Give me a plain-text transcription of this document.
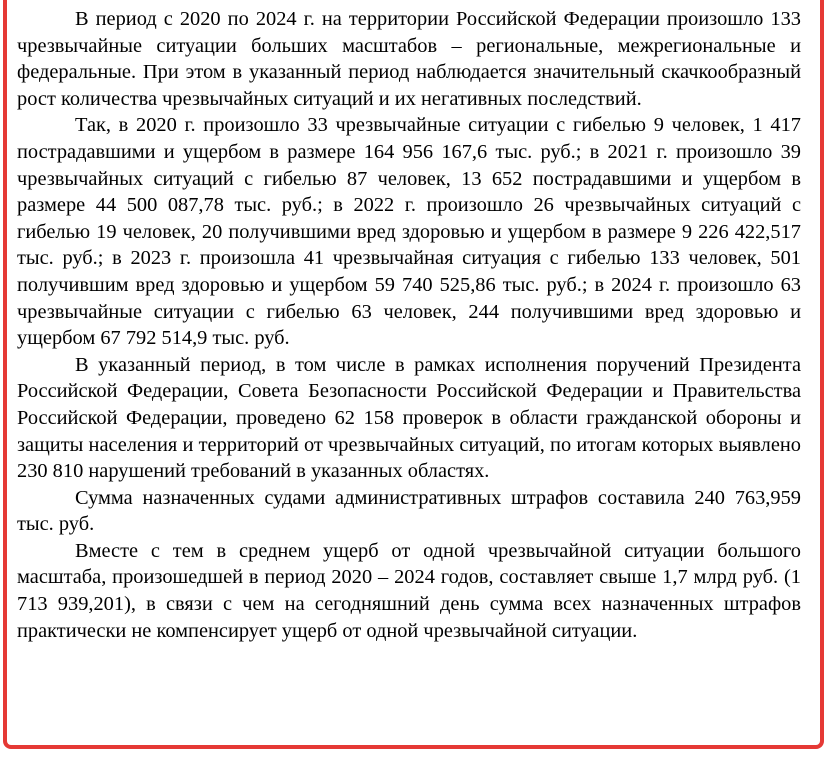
В период с 2020 по 2024 г. на территории Российской Федерации произошло 133 чрезвычайные ситуации больших масштабов – региональные, межрегиональные и федеральные. При этом в указанный период наблюдается значительный скачкообразный рост количества чрезвычайных ситуаций и их негативных последствий.

Так, в 2020 г. произошло 33 чрезвычайные ситуации с гибелью 9 человек, 1 417 пострадавшими и ущербом в размере 164 956 167,6 тыс. руб.; в 2021 г. произошло 39 чрезвычайных ситуаций с гибелью 87 человек, 13 652 пострадавшими и ущербом в размере 44 500 087,78 тыс. руб.; в 2022 г. произошло 26 чрезвычайных ситуаций с гибелью 19 человек, 20 получившими вред здоровью и ущербом в размере 9 226 422,517 тыс. руб.; в 2023 г. произошла 41 чрезвычайная ситуация с гибелью 133 человек, 501 получившим вред здоровью и ущербом 59 740 525,86 тыс. руб.; в 2024 г. произошло 63 чрезвычайные ситуации с гибелью 63 человек, 244 получившими вред здоровью и ущербом 67 792 514,9 тыс. руб.

В указанный период, в том числе в рамках исполнения поручений Президента Российской Федерации, Совета Безопасности Российской Федерации и Правительства Российской Федерации, проведено 62 158 проверок в области гражданской обороны и защиты населения и территорий от чрезвычайных ситуаций, по итогам которых выявлено 230 810 нарушений требований в указанных областях.

Сумма назначенных судами административных штрафов составила 240 763,959 тыс. руб.

Вместе с тем в среднем ущерб от одной чрезвычайной ситуации большого масштаба, произошедшей в период 2020 – 2024 годов, составляет свыше 1,7 млрд руб. (1 713 939,201), в связи с чем на сегодняшний день сумма всех назначенных штрафов практически не компенсирует ущерб от одной чрезвычайной ситуации.
